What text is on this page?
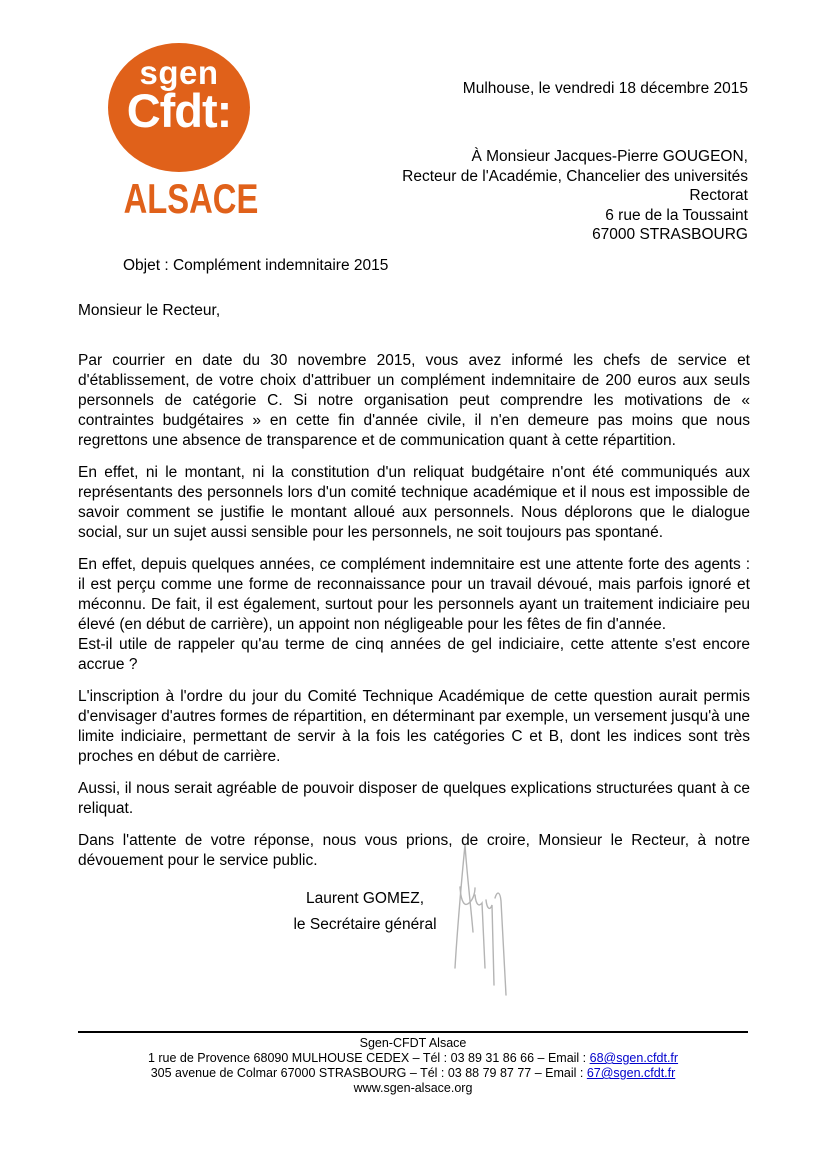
sgen
Cfdt:
ALSACE
Mulhouse, le vendredi 18 décembre 2015
À Monsieur Jacques-Pierre GOUGEON,
Recteur de l'Académie, Chancelier des universités
Rectorat
6 rue de la Toussaint
67000 STRASBOURG
Objet : Complément indemnitaire 2015
Monsieur le Recteur,

Par courrier en date du 30 novembre 2015, vous avez informé les chefs de service et d'établissement, de votre choix d'attribuer un complément indemnitaire de 200 euros aux seuls personnels de catégorie C. Si notre organisation peut comprendre les motivations de « contraintes budgétaires » en cette fin d'année civile, il n'en demeure pas moins que nous regrettons une absence de transparence et de communication quant à cette répartition.

En effet, ni le montant, ni la constitution d'un reliquat budgétaire n'ont été communiqués aux représentants des personnels lors d'un comité technique académique et il nous est impossible de savoir comment se justifie le montant alloué aux personnels. Nous déplorons que le dialogue social, sur un sujet aussi sensible pour les personnels, ne soit toujours pas spontané.

En effet, depuis quelques années, ce complément indemnitaire est une attente forte des agents : il est perçu comme une forme de reconnaissance pour un travail dévoué, mais parfois ignoré et méconnu. De fait, il est également, surtout pour les personnels ayant un traitement indiciaire peu élevé (en début de carrière), un appoint non négligeable pour les fêtes de fin d'année.

Est-il utile de rappeler qu'au terme de cinq années de gel indiciaire, cette attente s'est encore accrue ?

L'inscription à l'ordre du jour du Comité Technique Académique de cette question aurait permis d'envisager d'autres formes de répartition, en déterminant par exemple, un versement jusqu'à une limite indiciaire, permettant de servir à la fois les catégories C et B, dont les indices sont très proches en début de carrière.

Aussi, il nous serait agréable de pouvoir disposer de quelques explications structurées quant à ce reliquat.

Dans l'attente de votre réponse, nous vous prions, de croire, Monsieur le Recteur, à notre dévouement pour le service public.

Laurent GOMEZ,
le Secrétaire général
Sgen-CFDT Alsace
1 rue de Provence 68090 MULHOUSE CEDEX – Tél : 03 89 31 86 66 – Email : 68@sgen.cfdt.fr
305 avenue de Colmar 67000 STRASBOURG – Tél : 03 88 79 87 77 – Email : 67@sgen.cfdt.fr
www.sgen-alsace.org
